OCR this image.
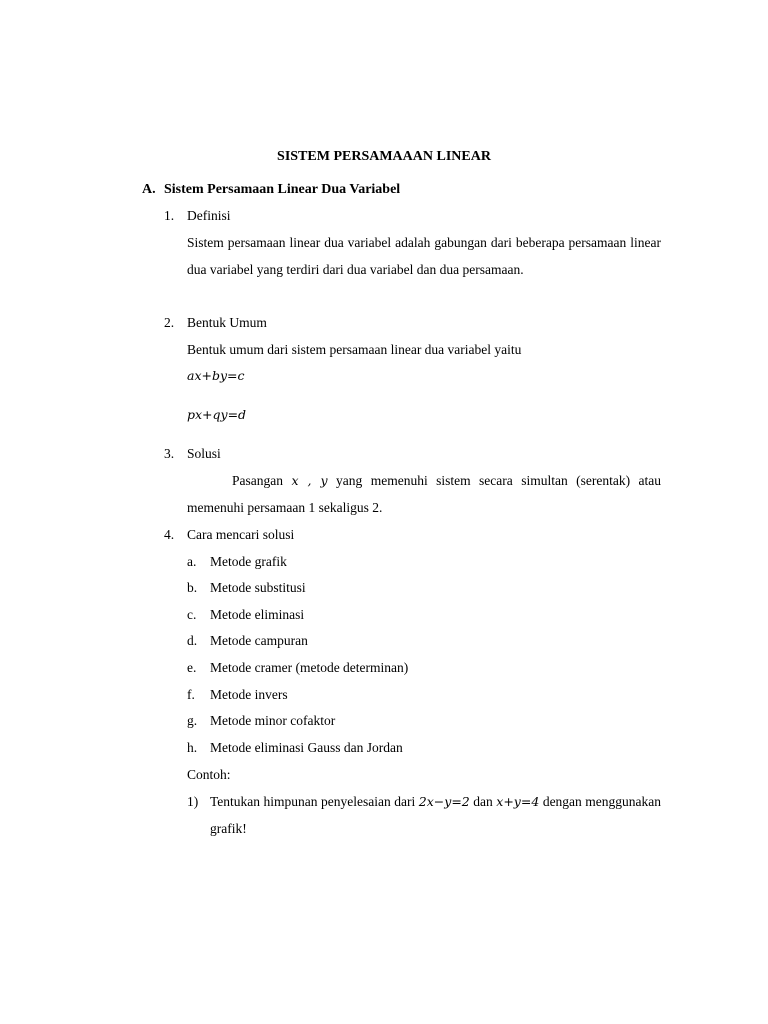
SISTEM PERSAMAAAN LINEAR
A. Sistem Persamaan Linear Dua Variabel
1. Definisi
Sistem persamaan linear dua variabel adalah gabungan dari beberapa persamaan linear dua variabel yang terdiri dari dua variabel dan dua persamaan.
2. Bentuk Umum
Bentuk umum dari sistem persamaan linear dua variabel yaitu
ax+by=c
px+qy=d
3. Solusi
Pasangan x , y yang memenuhi sistem secara simultan (serentak) atau memenuhi persamaan 1 sekaligus 2.
4. Cara mencari solusi
a. Metode grafik
b. Metode substitusi
c. Metode eliminasi
d. Metode campuran
e. Metode cramer (metode determinan)
f. Metode invers
g. Metode minor cofaktor
h. Metode eliminasi Gauss dan Jordan
Contoh:
1) Tentukan himpunan penyelesaian dari 2x−y=2 dan x+y=4 dengan menggunakan grafik!
